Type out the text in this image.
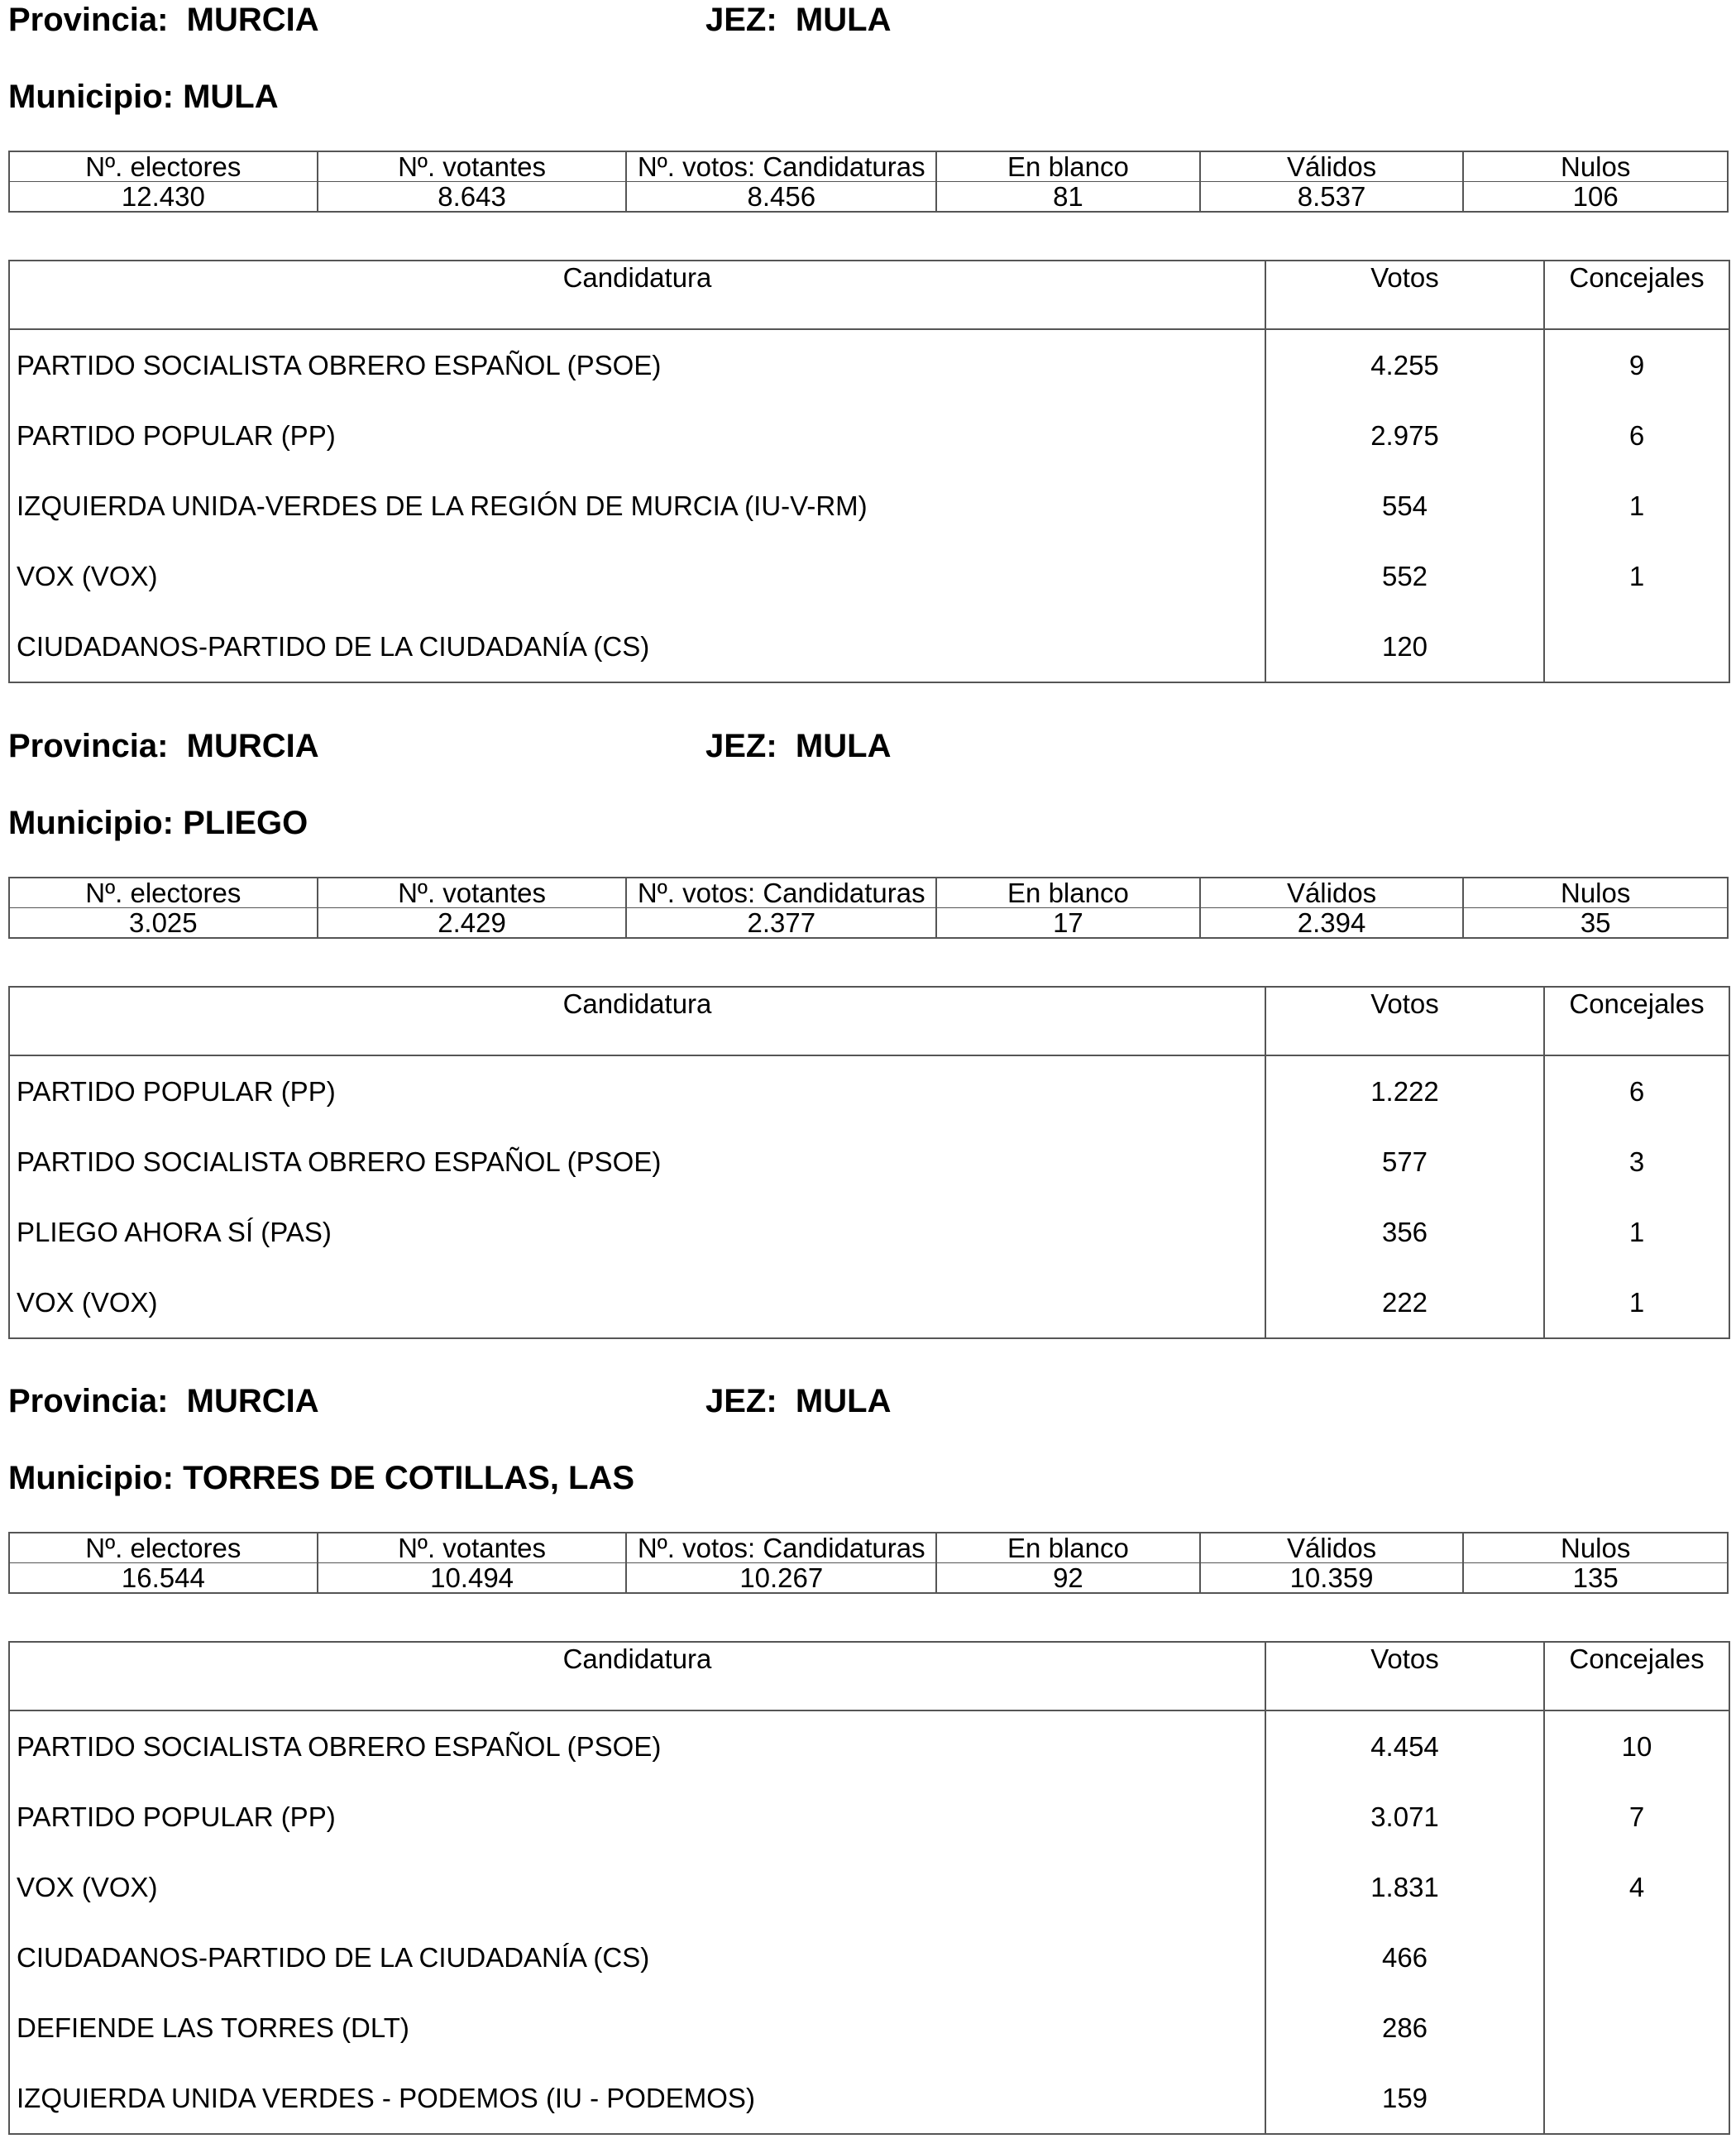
Provincia: MURCIA	JEZ: MULA
Municipio: MULA
Nº. electores	Nº. votantes	Nº. votos: Candidaturas	En blanco	Válidos	Nulos
12.430	8.643	8.456	81	8.537	106
Candidatura	Votos	Concejales
PARTIDO SOCIALISTA OBRERO ESPAÑOL (PSOE)	4.255	9
PARTIDO POPULAR (PP)	2.975	6
IZQUIERDA UNIDA-VERDES DE LA REGIÓN DE MURCIA (IU-V-RM)	554	1
VOX (VOX)	552	1
CIUDADANOS-PARTIDO DE LA CIUDADANÍA (CS)	120	
Provincia: MURCIA	JEZ: MULA
Municipio: PLIEGO
Nº. electores	Nº. votantes	Nº. votos: Candidaturas	En blanco	Válidos	Nulos
3.025	2.429	2.377	17	2.394	35
Candidatura	Votos	Concejales
PARTIDO POPULAR (PP)	1.222	6
PARTIDO SOCIALISTA OBRERO ESPAÑOL (PSOE)	577	3
PLIEGO AHORA SÍ (PAS)	356	1
VOX (VOX)	222	1
Provincia: MURCIA	JEZ: MULA
Municipio: TORRES DE COTILLAS, LAS
Nº. electores	Nº. votantes	Nº. votos: Candidaturas	En blanco	Válidos	Nulos
16.544	10.494	10.267	92	10.359	135
Candidatura	Votos	Concejales
PARTIDO SOCIALISTA OBRERO ESPAÑOL (PSOE)	4.454	10
PARTIDO POPULAR (PP)	3.071	7
VOX (VOX)	1.831	4
CIUDADANOS-PARTIDO DE LA CIUDADANÍA (CS)	466	
DEFIENDE LAS TORRES (DLT)	286	
IZQUIERDA UNIDA VERDES - PODEMOS (IU - PODEMOS)	159	
